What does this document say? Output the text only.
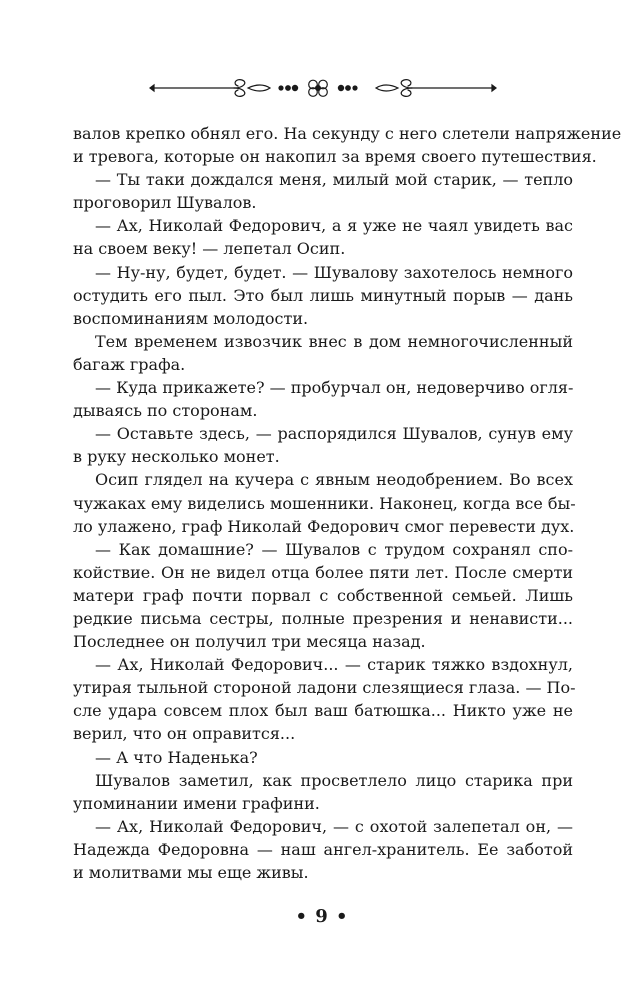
валов крепко обнял его. На секунду с него слетели напряжение
и тревога, которые он накопил за время своего путешествия.
— Ты таки дождался меня, милый мой старик, — тепло
проговорил Шувалов.
— Ах, Николай Федорович, а я уже не чаял увидеть вас
на своем веку! — лепетал Осип.
— Ну-ну, будет, будет. — Шувалову захотелось немного
остудить его пыл. Это был лишь минутный порыв — дань
воспоминаниям молодости.
Тем временем извозчик внес в дом немногочисленный
багаж графа.
— Куда прикажете? — пробурчал он, недоверчиво огля-
дываясь по сторонам.
— Оставьте здесь, — распорядился Шувалов, сунув ему
в руку несколько монет.
Осип глядел на кучера с явным неодобрением. Во всех
чужаках ему виделись мошенники. Наконец, когда все бы-
ло улажено, граф Николай Федорович смог перевести дух.
— Как домашние? — Шувалов с трудом сохранял спо-
койствие. Он не видел отца более пяти лет. После смерти
матери граф почти порвал с собственной семьей. Лишь
редкие письма сестры, полные презрения и ненависти...
Последнее он получил три месяца назад.
— Ах, Николай Федорович... — старик тяжко вздохнул,
утирая тыльной стороной ладони слезящиеся глаза. — По-
сле удара совсем плох был ваш батюшка... Никто уже не
верил, что он оправится...
— А что Наденька?
Шувалов заметил, как просветлело лицо старика при
упоминании имени графини.
— Ах, Николай Федорович, — с охотой залепетал он, —
Надежда Федоровна — наш ангел-хранитель. Ее заботой
и молитвами мы еще живы.
• 9 •
